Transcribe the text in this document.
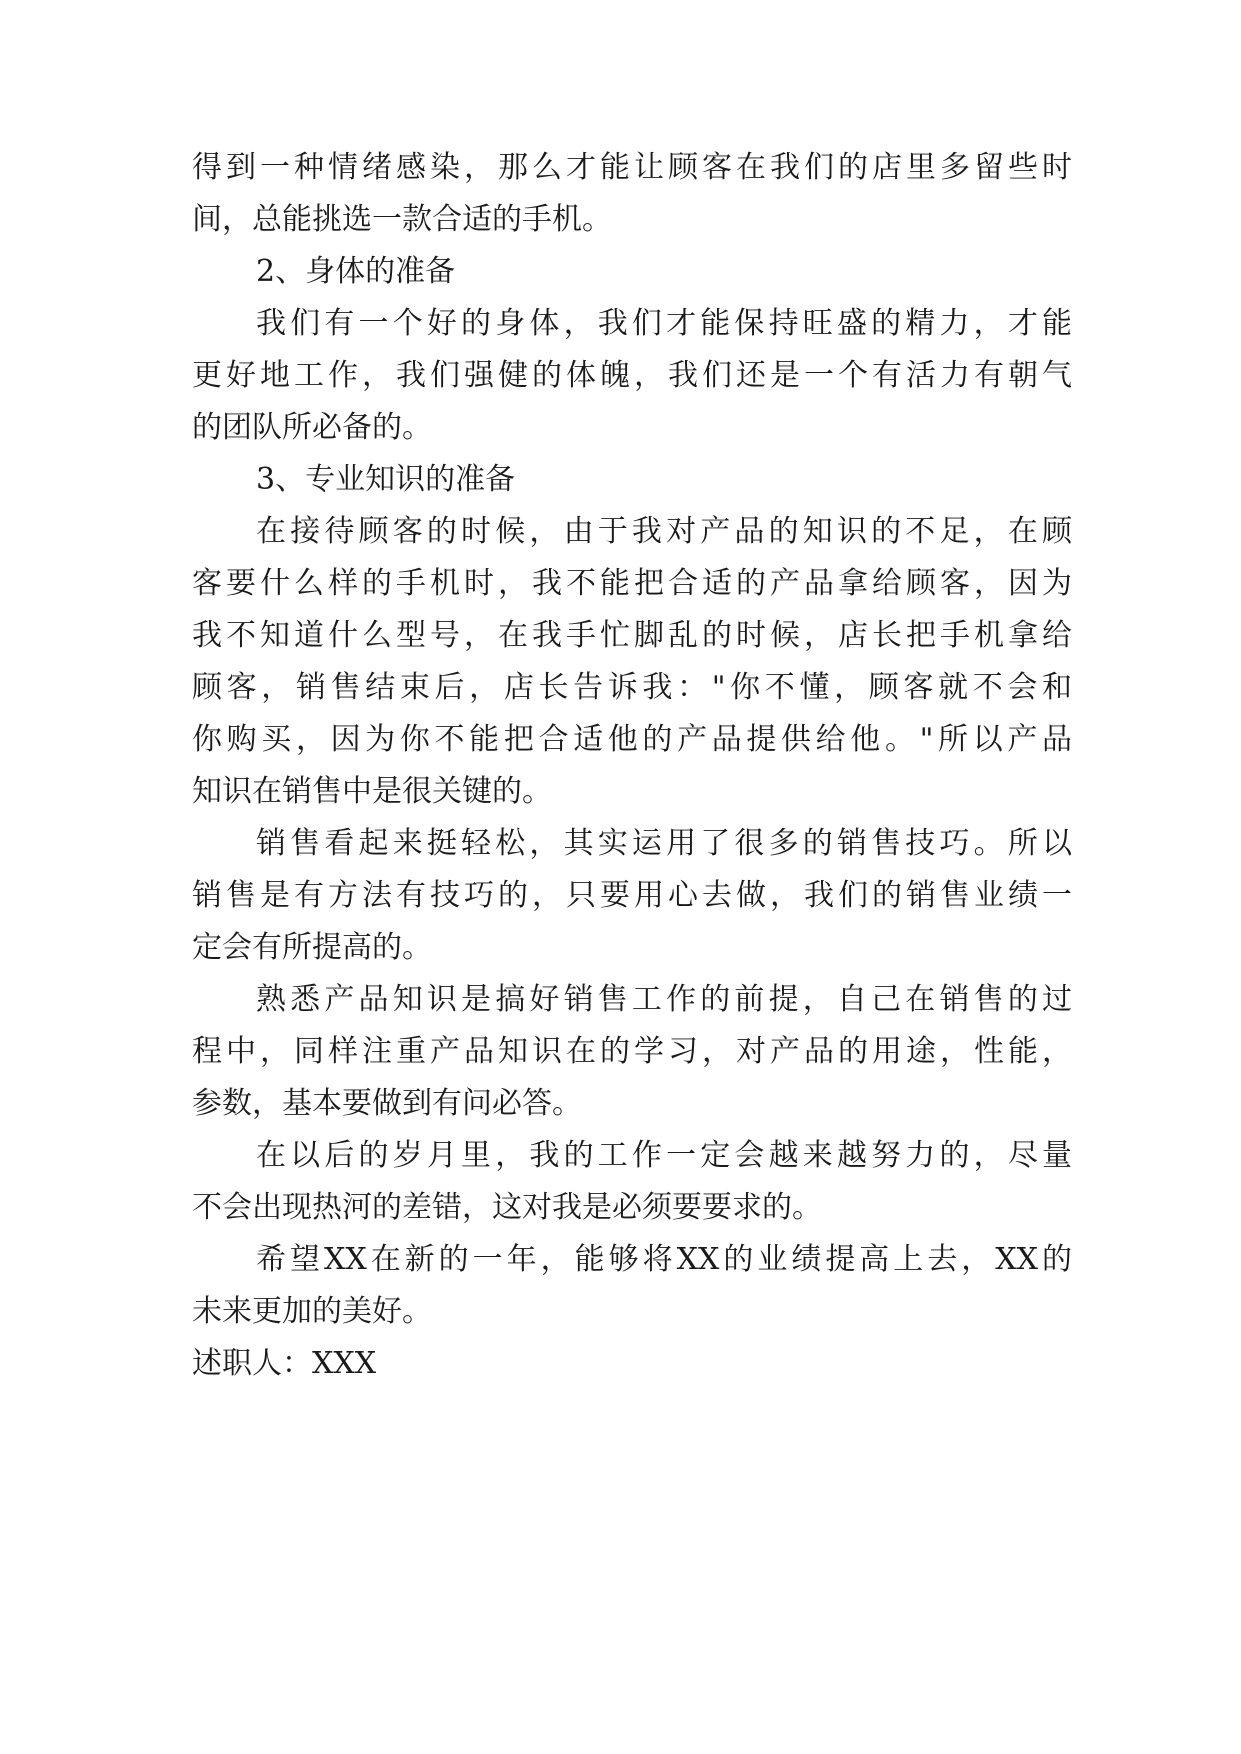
得到一种情绪感染，那么才能让顾客在我们的店里多留些时

间，总能挑选一款合适的手机。

2、身体的准备

我们有一个好的身体，我们才能保持旺盛的精力，才能

更好地工作，我们强健的体魄，我们还是一个有活力有朝气

的团队所必备的。

3、专业知识的准备

在接待顾客的时候，由于我对产品的知识的不足，在顾

客要什么样的手机时，我不能把合适的产品拿给顾客，因为

我不知道什么型号，在我手忙脚乱的时候，店长把手机拿给

顾客，销售结束后，店长告诉我："你不懂，顾客就不会和

你购买，因为你不能把合适他的产品提供给他。"所以产品

知识在销售中是很关键的。

销售看起来挺轻松，其实运用了很多的销售技巧。所以

销售是有方法有技巧的，只要用心去做，我们的销售业绩一

定会有所提高的。

熟悉产品知识是搞好销售工作的前提，自己在销售的过

程中，同样注重产品知识在的学习，对产品的用途，性能，

参数，基本要做到有问必答。

在以后的岁月里，我的工作一定会越来越努力的，尽量

不会出现热河的差错，这对我是必须要要求的。

希望XX在新的一年，能够将XX的业绩提高上去，XX的

未来更加的美好。

述职人：XXX
